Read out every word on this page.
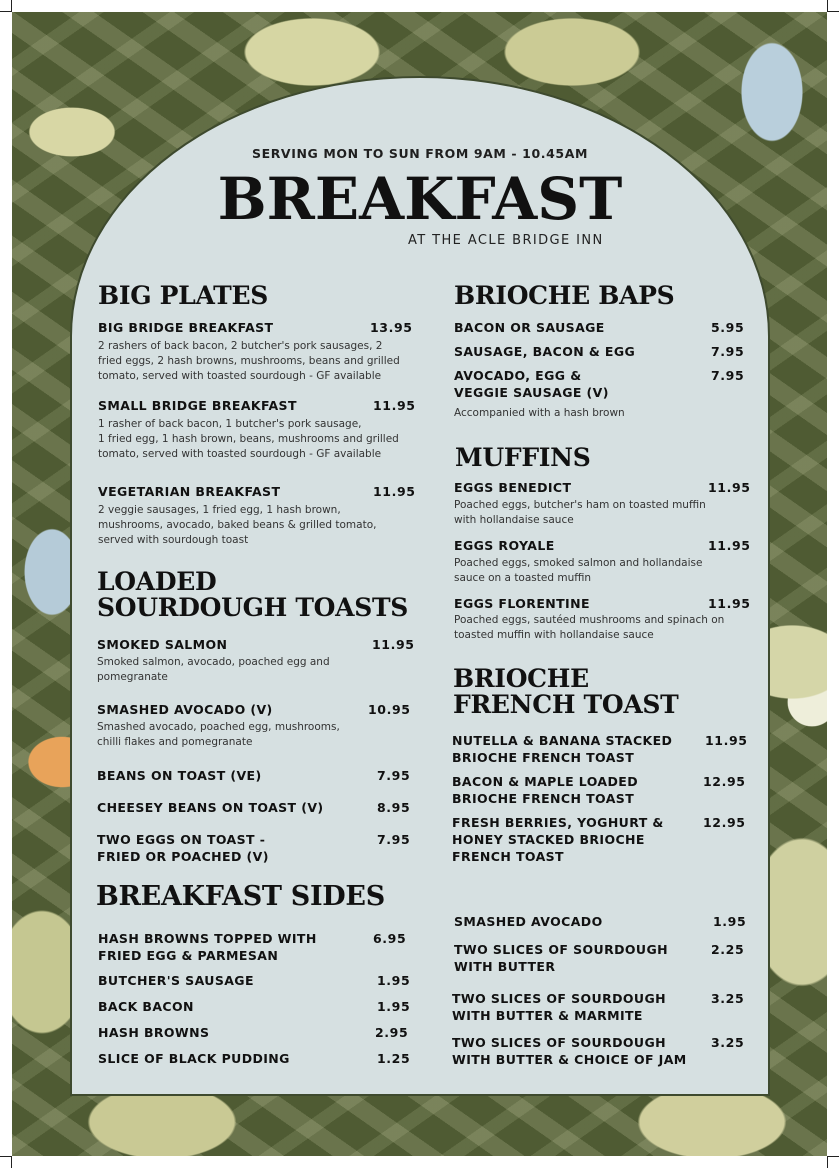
SERVING MON TO SUN FROM 9AM - 10.45AM
BREAKFAST
AT THE ACLE BRIDGE INN
BIG PLATES
BIG BRIDGE BREAKFAST	13.95
2 rashers of back bacon, 2 butcher's pork sausages, 2
fried eggs, 2 hash browns, mushrooms, beans and grilled
tomato, served with toasted sourdough - GF available
SMALL BRIDGE BREAKFAST	11.95
1 rasher of back bacon, 1 butcher's pork sausage,
1 fried egg, 1 hash brown, beans, mushrooms and grilled
tomato, served with toasted sourdough - GF available
VEGETARIAN BREAKFAST	11.95
2 veggie sausages, 1 fried egg, 1 hash brown,
mushrooms, avocado, baked beans & grilled tomato,
served with sourdough toast
LOADED
SOURDOUGH TOASTS
SMOKED SALMON	11.95
Smoked salmon, avocado, poached egg and
pomegranate
SMASHED AVOCADO (V)	10.95
Smashed avocado, poached egg, mushrooms,
chilli flakes and pomegranate
BEANS ON TOAST (VE)	7.95
CHEESEY BEANS ON TOAST (V)	8.95
TWO EGGS ON TOAST -
FRIED OR POACHED (V)
7.95
BRIOCHE BAPS
BACON OR SAUSAGE	5.95
SAUSAGE, BACON & EGG	7.95
AVOCADO, EGG &
VEGGIE SAUSAGE (V)
7.95
Accompanied with a hash brown
MUFFINS
EGGS BENEDICT	11.95
Poached eggs, butcher's ham on toasted muffin
with hollandaise sauce
EGGS ROYALE	11.95
Poached eggs, smoked salmon and hollandaise
sauce on a toasted muffin
EGGS FLORENTINE	11.95
Poached eggs, sautéed mushrooms and spinach on
toasted muffin with hollandaise sauce
BRIOCHE
FRENCH TOAST
NUTELLA & BANANA STACKED
BRIOCHE FRENCH TOAST
11.95
BACON & MAPLE LOADED
BRIOCHE FRENCH TOAST
12.95
FRESH BERRIES, YOGHURT &
HONEY STACKED BRIOCHE
FRENCH TOAST
12.95
BREAKFAST SIDES
HASH BROWNS TOPPED WITH
FRIED EGG & PARMESAN
6.95
BUTCHER'S SAUSAGE	1.95
BACK BACON	1.95
HASH BROWNS	2.95
SLICE OF BLACK PUDDING	1.25
SMASHED AVOCADO	1.95
TWO SLICES OF SOURDOUGH
WITH BUTTER
2.25
TWO SLICES OF SOURDOUGH
WITH BUTTER & MARMITE
3.25
TWO SLICES OF SOURDOUGH
WITH BUTTER & CHOICE OF JAM
3.25
